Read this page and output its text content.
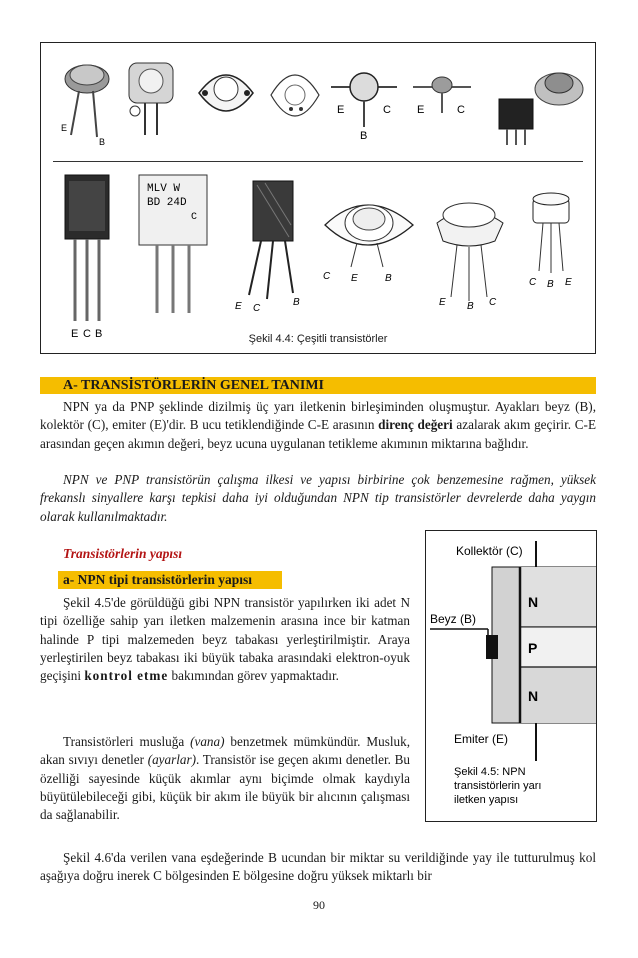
E
B
E	C
B
E	C
E C B
MLV W
BD 24D
C
E C
B
C E	B
E B C
C B E
Şekil 4.4: Çeşitli transistörler
A- TRANSİSTÖRLERİN GENEL TANIMI

NPN ya da PNP şeklinde dizilmiş üç yarı iletkenin birleşiminden oluşmuştur. Ayakları beyz (B), kolektör (C), emiter (E)'dir. B ucu tetiklendiğinde C-E arasının direnç değeri azalarak akım geçirir. C-E arasından geçen akımın değeri, beyz ucuna uygulanan tetikleme akımının miktarına bağlıdır.

NPN ve PNP transistörün çalışma ilkesi ve yapısı birbirine çok benzemesine rağmen, yüksek frekanslı sinyallere karşı tepkisi daha iyi olduğundan NPN tip transistörler devrelerde daha yaygın olarak kullanılmaktadır.

Transistörlerin yapısı
a- NPN tipi transistörlerin yapısı

Şekil 4.5'de görüldüğü gibi NPN transistör yapılırken iki adet N tipi özelliğe sahip yarı iletken malzemenin arasına ince bir katman halinde P tipi malzemeden beyz tabakası yerleştirilmiştir. Araya yerleştirilen beyz tabakası iki büyük tabaka arasındaki elektron-oyuk geçişini kontrol etme bakımından görev yapmaktadır.

Transistörleri musluğa (vana) benzetmek mümkündür. Musluk, akan sıvıyı denetler (ayarlar). Transistör ise geçen akımı denetler. Bu özelliği sayesinde küçük akımlar aynı biçimde olmak kaydıyla büyütülebileceği gibi, küçük bir akım ile büyük bir alıcının çalışması da sağlanabilir.

Kollektör (C)
Beyz (B)
N
P
N
Emiter (E)
Şekil 4.5: NPN
transistörlerin yarı
iletken yapısı

Şekil 4.6'da verilen vana eşdeğerinde B ucundan bir miktar su verildiğinde yay ile tutturulmuş kol aşağıya doğru inerek C bölgesinden E bölgesine doğru yüksek miktarlı bir

90
